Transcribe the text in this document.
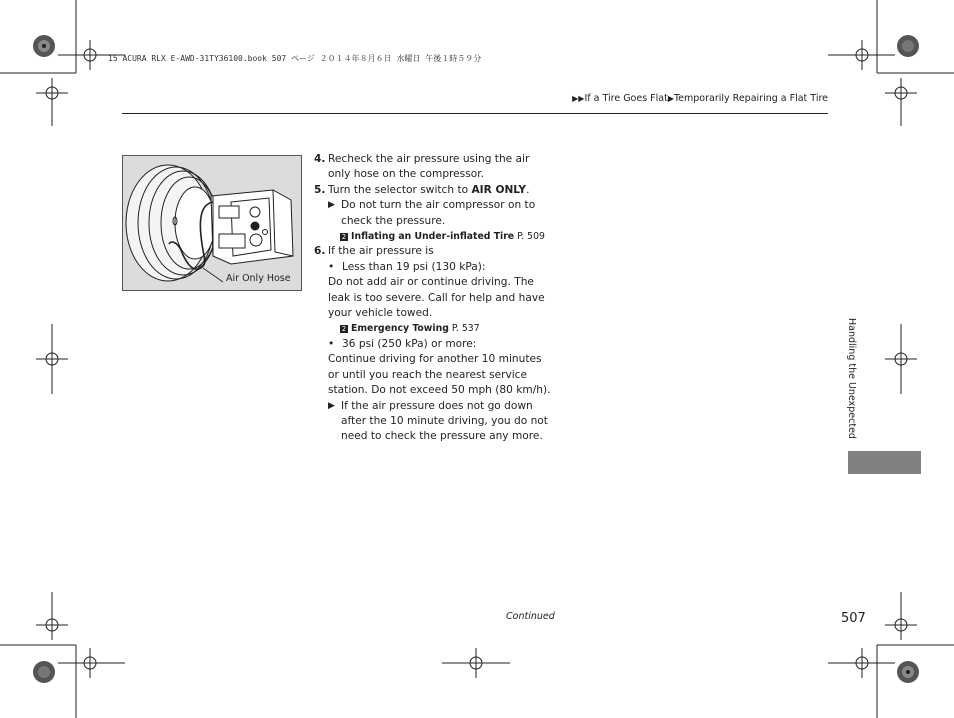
15 ACURA RLX E-AWD-31TY36100.book 507 ページ ２０１４年８月６日 水曜日 午後１時５９分
▶▶If a Tire Goes Flat▶Temporarily Repairing a Flat Tire
Air Only Hose
4. Recheck the air pressure using the air only hose on the compressor.
5. Turn the selector switch to AIR ONLY.
▶ Do not turn the air compressor on to check the pressure.
2 Inflating an Under-inflated Tire P. 509
6. If the air pressure is
• Less than 19 psi (130 kPa):
Do not add air or continue driving. The leak is too severe. Call for help and have your vehicle towed.
2 Emergency Towing P. 537
• 36 psi (250 kPa) or more:
Continue driving for another 10 minutes or until you reach the nearest service station. Do not exceed 50 mph (80 km/h).
▶ If the air pressure does not go down after the 10 minute driving, you do not need to check the pressure any more.	Handling the Unexpected
Continued	507
